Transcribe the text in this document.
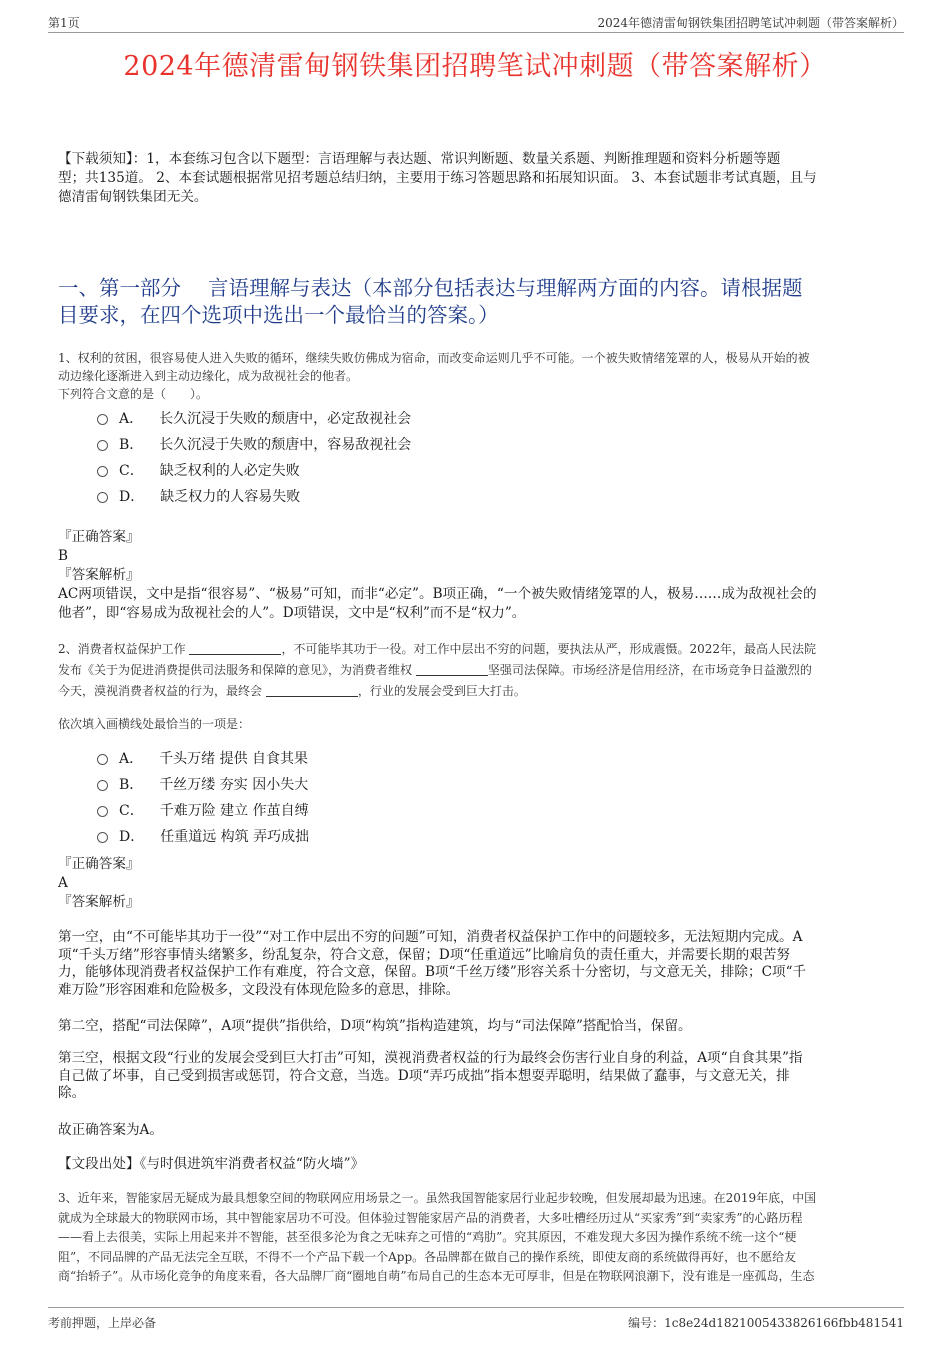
第1页	2024年德清雷甸钢铁集团招聘笔试冲刺题（带答案解析）
2024年德清雷甸钢铁集团招聘笔试冲刺题（带答案解析）
【下载须知】：1，本套练习包含以下题型：言语理解与表达题、常识判断题、数量关系题、判断推理题和资料分析题等题
型；共135道。 2、本套试题根据常见招考题总结归纳，主要用于练习答题思路和拓展知识面。 3、本套试题非考试真题，且与
德清雷甸钢铁集团无关。
一、第一部分　 言语理解与表达（本部分包括表达与理解两方面的内容。请根据题
目要求，在四个选项中选出一个最恰当的答案。）
1、权利的贫困，很容易使人进入失败的循环，继续失败仿佛成为宿命，而改变命运则几乎不可能。一个被失败情绪笼罩的人，极易从开始的被
动边缘化逐渐进入到主动边缘化，成为敌视社会的他者。
下列符合文意的是（　　）。
A． 长久沉浸于失败的颓唐中，必定敌视社会
B． 长久沉浸于失败的颓唐中，容易敌视社会
C． 缺乏权利的人必定失败
D． 缺乏权力的人容易失败
『正确答案』
B
『答案解析』
AC两项错误，文中是指“很容易”、“极易”可知，而非“必定”。B项正确，“一个被失败情绪笼罩的人，极易……成为敌视社会的
他者”，即“容易成为敌视社会的人”。D项错误，文中是“权利”而不是“权力”。
2、消费者权益保护工作	，不可能毕其功于一役。对工作中层出不穷的问题，要执法从严，形成震慑。2022年，最高人民法院
发布《关于为促进消费提供司法服务和保障的意见》，为消费者维权	坚强司法保障。市场经济是信用经济，在市场竞争日益激烈的
今天，漠视消费者权益的行为，最终会	，行业的发展会受到巨大打击。
依次填入画横线处最恰当的一项是：
A． 千头万绪 提供 自食其果
B． 千丝万缕 夯实 因小失大
C． 千难万险 建立 作茧自缚
D． 任重道远 构筑 弄巧成拙
『正确答案』
A
『答案解析』
第一空，由“不可能毕其功于一役”“对工作中层出不穷的问题”可知，消费者权益保护工作中的问题较多，无法短期内完成。A
项“千头万绪”形容事情头绪繁多，纷乱复杂，符合文意，保留；D项“任重道远”比喻肩负的责任重大，并需要长期的艰苦努
力，能够体现消费者权益保护工作有难度，符合文意，保留。B项“千丝万缕”形容关系十分密切，与文意无关，排除；C项“千
难万险”形容困难和危险极多，文段没有体现危险多的意思，排除。
第二空，搭配“司法保障”，A项“提供”指供给，D项“构筑”指构造建筑，均与“司法保障”搭配恰当，保留。
第三空，根据文段“行业的发展会受到巨大打击”可知，漠视消费者权益的行为最终会伤害行业自身的利益，A项“自食其果”指
自己做了坏事，自己受到损害或惩罚，符合文意，当选。D项“弄巧成拙”指本想耍弄聪明，结果做了蠢事，与文意无关，排
除。
故正确答案为A。
【文段出处】《与时俱进筑牢消费者权益“防火墙”》
3、近年来，智能家居无疑成为最具想象空间的物联网应用场景之一。虽然我国智能家居行业起步较晚，但发展却最为迅速。在2019年底，中国
就成为全球最大的物联网市场，其中智能家居功不可没。但体验过智能家居产品的消费者，大多吐槽经历过从“买家秀”到“卖家秀”的心路历程
——看上去很美，实际上用起来并不智能，甚至很多沦为食之无味弃之可惜的“鸡肋”。究其原因，不难发现大多因为操作系统不统一这个“梗
阻”，不同品牌的产品无法完全互联，不得不一个产品下载一个App。各品牌都在做自己的操作系统，即使友商的系统做得再好，也不愿给友
商“抬轿子”。从市场化竞争的角度来看，各大品牌厂商“圈地自萌”布局自己的生态本无可厚非，但是在物联网浪潮下，没有谁是一座孤岛，生态
考前押题，上岸必备	编号：1c8e24d1821005433826166fbb481541
